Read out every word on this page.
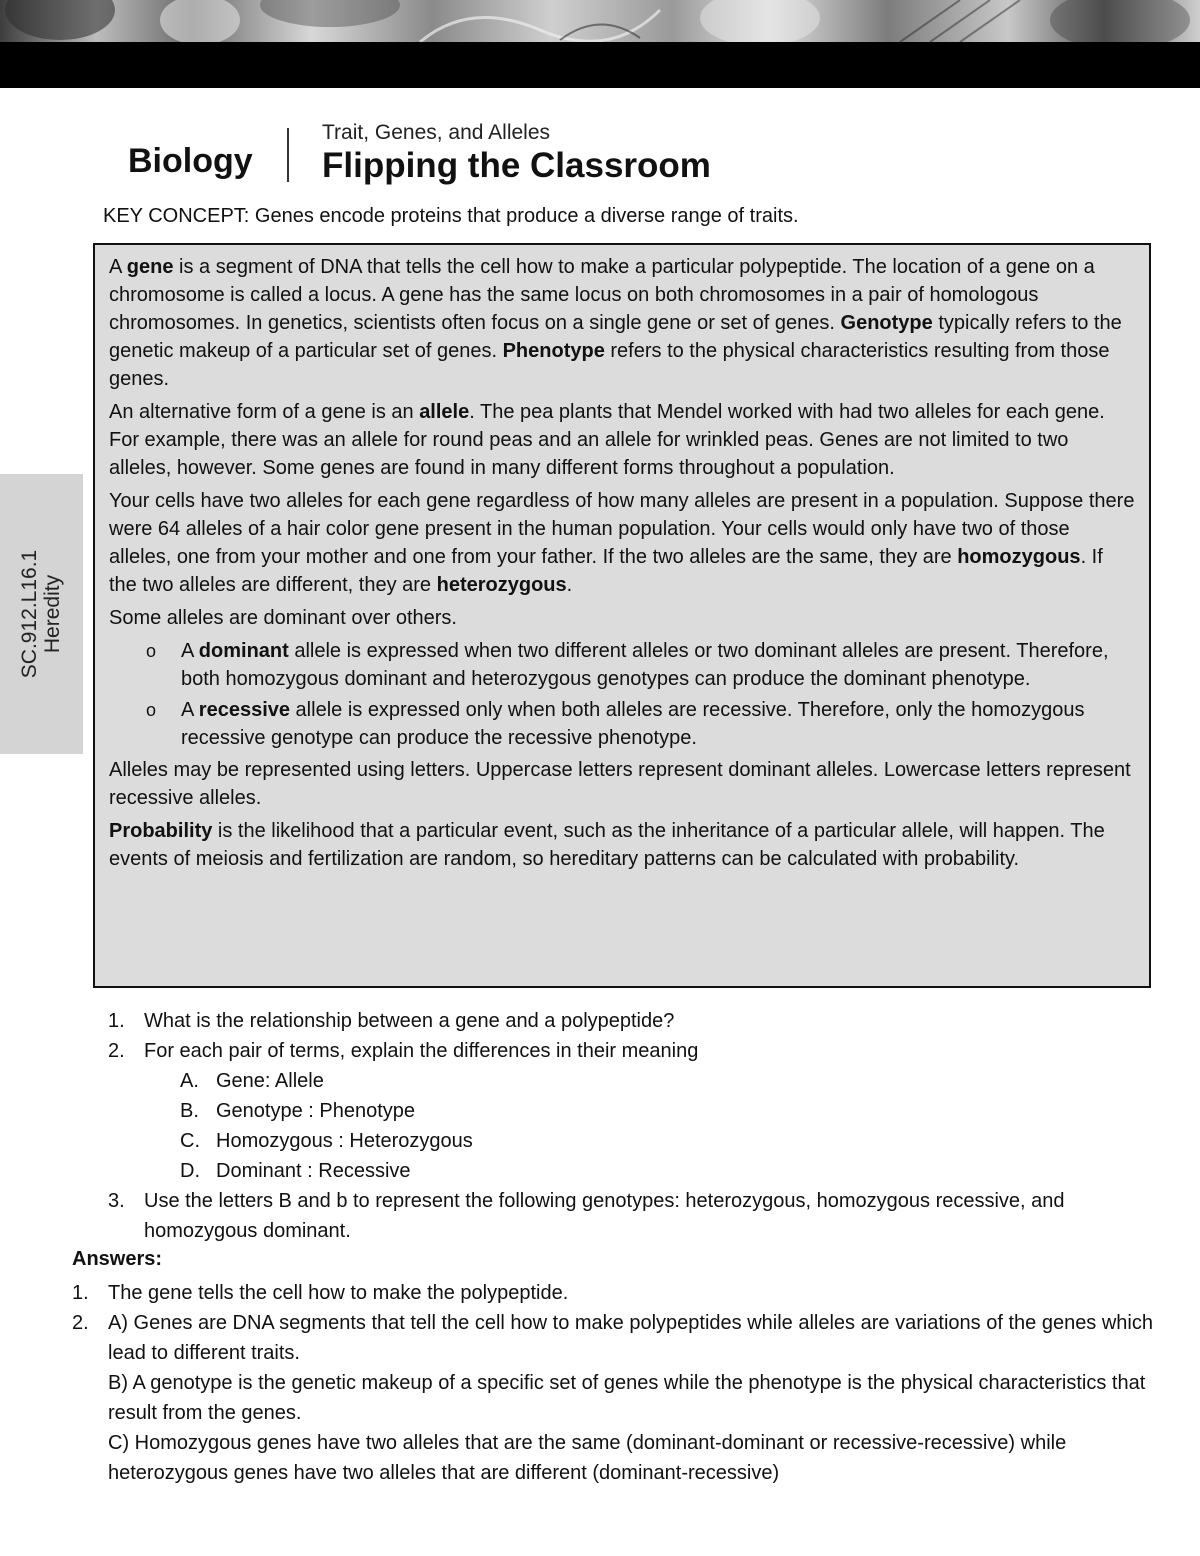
SC.912.L16.1 Heredity
Biology
Trait, Genes, and Alleles
Flipping the Classroom
KEY CONCEPT: Genes encode proteins that produce a diverse range of traits.

A gene is a segment of DNA that tells the cell how to make a particular polypeptide. The location of a gene on a chromosome is called a locus. A gene has the same locus on both chromosomes in a pair of homologous chromosomes. In genetics, scientists often focus on a single gene or set of genes. Genotype typically refers to the genetic makeup of a particular set of genes. Phenotype refers to the physical characteristics resulting from those genes.

An alternative form of a gene is an allele. The pea plants that Mendel worked with had two alleles for each gene. For example, there was an allele for round peas and an allele for wrinkled peas. Genes are not limited to two alleles, however. Some genes are found in many different forms throughout a population.

Your cells have two alleles for each gene regardless of how many alleles are present in a population. Suppose there were 64 alleles of a hair color gene present in the human population. Your cells would only have two of those alleles, one from your mother and one from your father. If the two alleles are the same, they are homozygous. If the two alleles are different, they are heterozygous.

Some alleles are dominant over others.

o A dominant allele is expressed when two different alleles or two dominant alleles are present. Therefore, both homozygous dominant and heterozygous genotypes can produce the dominant phenotype.
o A recessive allele is expressed only when both alleles are recessive. Therefore, only the homozygous recessive genotype can produce the recessive phenotype.

Alleles may be represented using letters. Uppercase letters represent dominant alleles. Lowercase letters represent recessive alleles.

Probability is the likelihood that a particular event, such as the inheritance of a particular allele, will happen. The events of meiosis and fertilization are random, so hereditary patterns can be calculated with probability.

1. What is the relationship between a gene and a polypeptide?
2. For each pair of terms, explain the differences in their meaning
A. Gene: Allele
B. Genotype : Phenotype
C. Homozygous : Heterozygous
D. Dominant : Recessive
3. Use the letters B and b to represent the following genotypes: heterozygous, homozygous recessive, and homozygous dominant.
Answers:
1. The gene tells the cell how to make the polypeptide.
2. A) Genes are DNA segments that tell the cell how to make polypeptides while alleles are variations of the genes which lead to different traits.
B) A genotype is the genetic makeup of a specific set of genes while the phenotype is the physical characteristics that result from the genes.
C) Homozygous genes have two alleles that are the same (dominant-dominant or recessive-recessive) while heterozygous genes have two alleles that are different (dominant-recessive)
